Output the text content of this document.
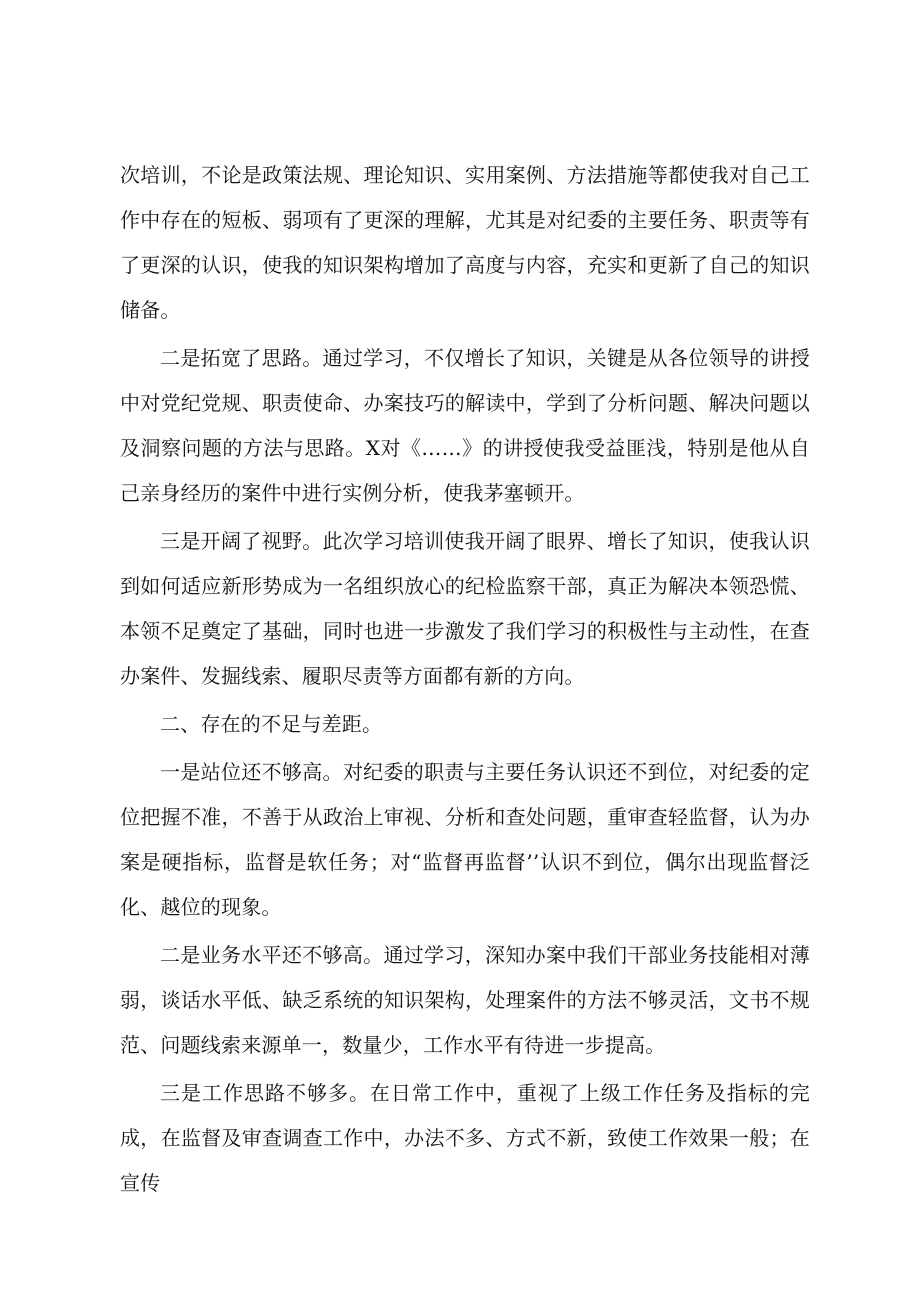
次培训，不论是政策法规、理论知识、实用案例、方法措施等都使我对自己工作中存在的短板、弱项有了更深的理解，尤其是对纪委的主要任务、职责等有了更深的认识，使我的知识架构增加了高度与内容，充实和更新了自己的知识储备。

二是拓宽了思路。通过学习，不仅增长了知识，关键是从各位领导的讲授中对党纪党规、职责使命、办案技巧的解读中，学到了分析问题、解决问题以及洞察问题的方法与思路。X对《……》的讲授使我受益匪浅，特别是他从自己亲身经历的案件中进行实例分析，使我茅塞顿开。

三是开阔了视野。此次学习培训使我开阔了眼界、增长了知识，使我认识到如何适应新形势成为一名组织放心的纪检监察干部，真正为解决本领恐慌、本领不足奠定了基础，同时也进一步激发了我们学习的积极性与主动性，在查办案件、发掘线索、履职尽责等方面都有新的方向。

二、存在的不足与差距。

一是站位还不够高。对纪委的职责与主要任务认识还不到位，对纪委的定位把握不准，不善于从政治上审视、分析和查处问题，重审查轻监督，认为办案是硬指标，监督是软任务；对“监督再监督’’认识不到位，偶尔出现监督泛化、越位的现象。

二是业务水平还不够高。通过学习，深知办案中我们干部业务技能相对薄弱，谈话水平低、缺乏系统的知识架构，处理案件的方法不够灵活，文书不规范、问题线索来源单一，数量少，工作水平有待进一步提高。

三是工作思路不够多。在日常工作中，重视了上级工作任务及指标的完成，在监督及审查调查工作中，办法不多、方式不新，致使工作效果一般；在宣传
